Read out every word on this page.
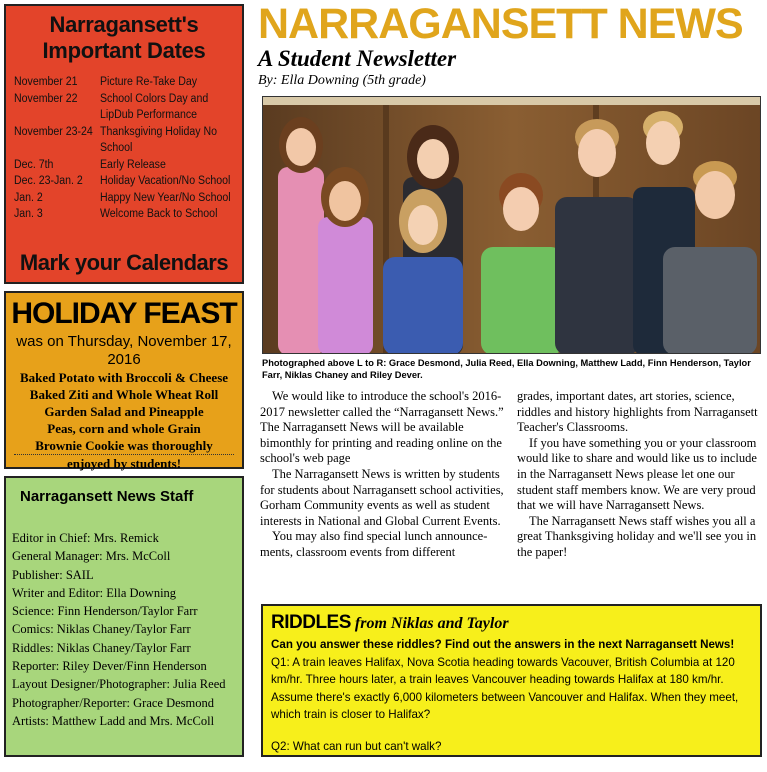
Narragansett's Important Dates
November 21	Picture Re-Take Day
November 22	School Colors Day and LipDub Performance
November 23-24	Thanksgiving Holiday No School
Dec. 7th	Early Release
Dec. 23-Jan. 2	Holiday Vacation/No School
Jan. 2	Happy New Year/No School
Jan. 3	Welcome Back to School
Mark your Calendars
HOLIDAY FEAST
was on Thursday, November 17, 2016
Baked Potato with Broccoli & Cheese
Baked Ziti and Whole Wheat Roll
Garden Salad and Pineapple
Peas, corn and whole Grain
Brownie Cookie was thoroughly
enjoyed by students!
Narragansett News Staff
Editor in Chief: Mrs. Remick
General Manager: Mrs. McColl
Publisher: SAIL
Writer and Editor: Ella Downing
Science: Finn Henderson/Taylor Farr
Comics: Niklas Chaney/Taylor Farr
Riddles: Niklas Chaney/Taylor Farr
Reporter: Riley Dever/Finn Henderson
Layout Designer/Photographer: Julia Reed
Photographer/Reporter: Grace Desmond
Artists: Matthew Ladd and Mrs. McColl
NARRAGANSETT NEWS
A Student Newsletter
By: Ella Downing (5th grade)
Photographed above L to R: Grace Desmond, Julia Reed, Ella Downing, Matthew Ladd, Finn Henderson, Taylor Farr, Niklas Chaney and Riley Dever.

We would like to introduce the school's 2016-2017 newsletter called the “Narragansett News.” The Narragansett News will be available bimonthly for printing and reading online on the school's web page

The Narragansett News is written by students for students about Narragansett school activities, Gorham Community events as well as student interests in National and Global Current Events.

You may also find special lunch announce-ments, classroom events from different

grades, important dates, art stories, science, riddles and history highlights from Narragansett Teacher's Classrooms.

If you have something you or your classroom would like to share and would like us to include in the Narragansett News please let one our student staff members know. We are very proud that we will have Narragansett News.

The Narragansett News staff wishes you all a great Thanksgiving holiday and we'll see you in the paper!

RIDDLES from Niklas and Taylor

Can you answer these riddles? Find out the answers in the next Narragansett News!

Q1: A train leaves Halifax, Nova Scotia heading towards Vacouver, British Columbia at 120 km/hr. Three hours later, a train leaves Vancouver heading towards Halifax at 180 km/hr. Assume there's exactly 6,000 kilometers between Vancouver and Halifax. When they meet, which train is closer to Halifax?

Q2: What can run but can't walk?
